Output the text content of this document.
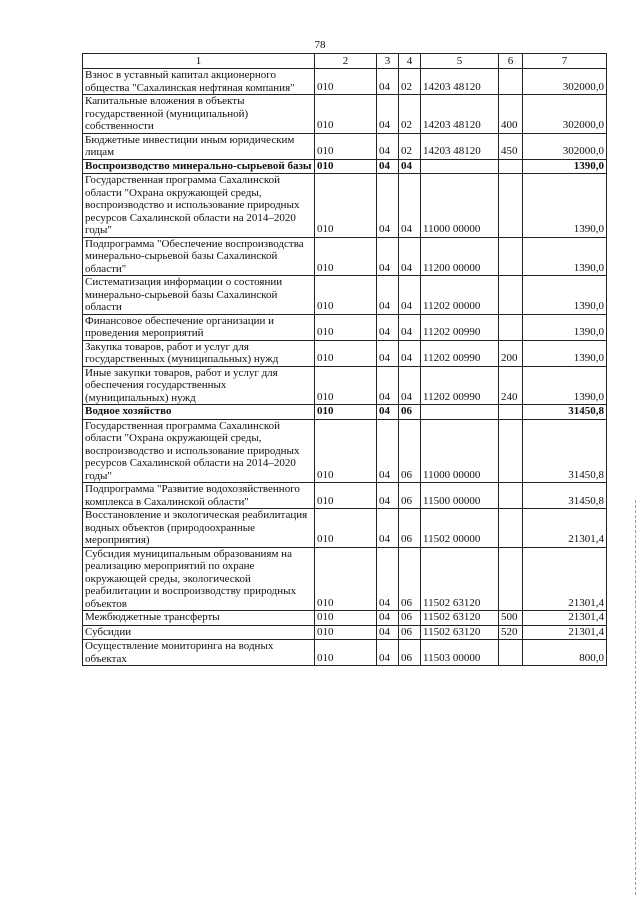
78
1	2	3	4	5	6	7
Взнос в уставный капитал акционерного общества "Сахалинская нефтяная компания"	010	04	02	14203 48120		302000,0
Капитальные вложения в объекты государственной (муниципальной) собственности	010	04	02	14203 48120	400	302000,0
Бюджетные инвестиции иным юридическим лицам	010	04	02	14203 48120	450	302000,0
Воспроизводство минерально-сырьевой базы	010	04	04			1390,0
Государственная программа Сахалинской области "Охрана окружающей среды, воспроизводство и использование природных ресурсов Сахалинской области на 2014–2020 годы"	010	04	04	11000 00000		1390,0
Подпрограмма "Обеспечение воспроизводства минерально-сырьевой базы Сахалинской области"	010	04	04	11200 00000		1390,0
Систематизация информации о состоянии минерально-сырьевой базы Сахалинской области	010	04	04	11202 00000		1390,0
Финансовое обеспечение организации и проведения мероприятий	010	04	04	11202 00990		1390,0
Закупка товаров, работ и услуг для государственных (муниципальных) нужд	010	04	04	11202 00990	200	1390,0
Иные закупки товаров, работ и услуг для обеспечения государственных (муниципальных) нужд	010	04	04	11202 00990	240	1390,0
Водное хозяйство	010	04	06			31450,8
Государственная программа Сахалинской области "Охрана окружающей среды, воспроизводство и использование природных ресурсов Сахалинской области на 2014–2020 годы"	010	04	06	11000 00000		31450,8
Подпрограмма "Развитие водохозяйственного комплекса в Сахалинской области"	010	04	06	11500 00000		31450,8
Восстановление и экологическая реабилитация водных объектов (природоохранные мероприятия)	010	04	06	11502 00000		21301,4
Субсидия муниципальным образованиям на реализацию мероприятий по охране окружающей среды, экологической реабилитации и воспроизводству природных объектов	010	04	06	11502 63120		21301,4
Межбюджетные трансферты	010	04	06	11502 63120	500	21301,4
Субсидии	010	04	06	11502 63120	520	21301,4
Осуществление мониторинга на водных объектах	010	04	06	11503 00000		800,0
